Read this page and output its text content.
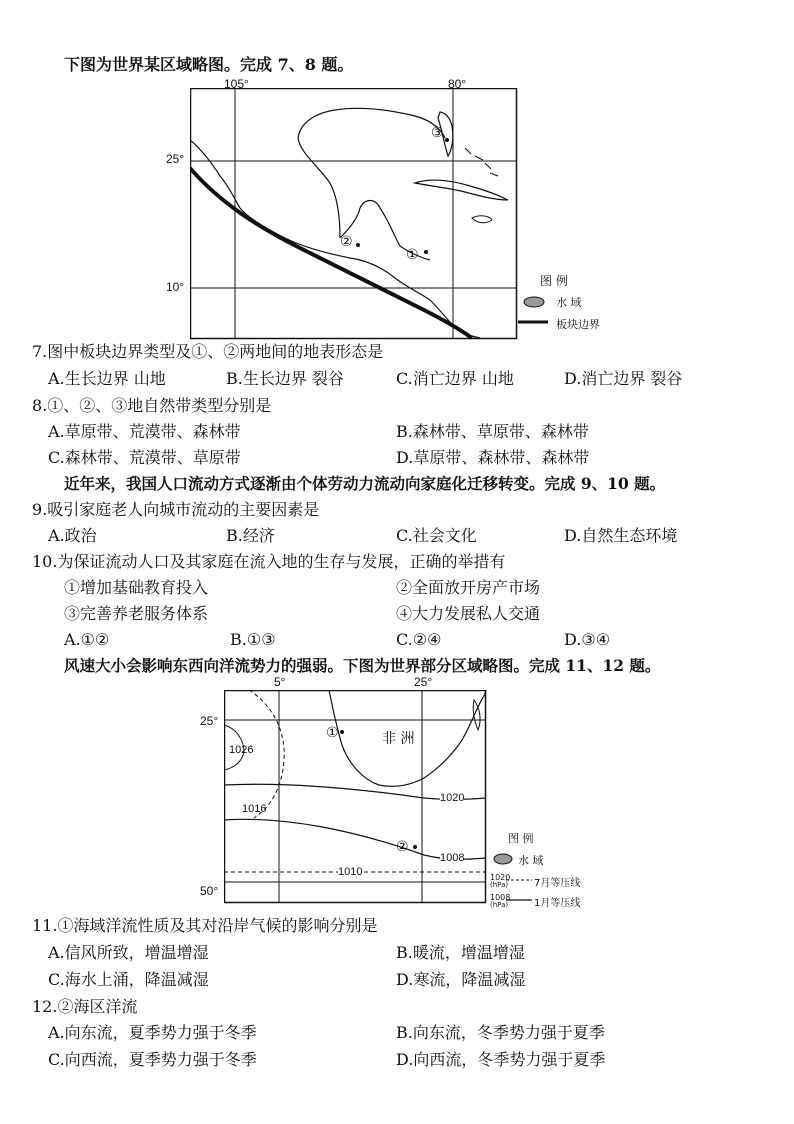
下图为世界某区域略图。完成 7、8 题。
105°	80°
25°
10°
②
①
③
图 例
水 域
板块边界
7.图中板块边界类型及①、②两地间的地表形态是
A.生长边界 山地	B.生长边界 裂谷	C.消亡边界 山地	D.消亡边界 裂谷
8.①、②、③地自然带类型分别是
A.草原带、荒漠带、森林带	B.森林带、草原带、森林带
C.森林带、荒漠带、草原带	D.草原带、森林带、森林带
近年来，我国人口流动方式逐渐由个体劳动力流动向家庭化迁移转变。完成 9、10 题。
9.吸引家庭老人向城市流动的主要因素是
A.政治	B.经济	C.社会文化	D.自然生态环境
10.为保证流动人口及其家庭在流入地的生存与发展，正确的举措有
①增加基础教育投入	②全面放开房产市场
③完善养老服务体系	④大力发展私人交通
A.①②	B.①③	C.②④	D.③④
风速大小会影响东西向洋流势力的强弱。下图为世界部分区域略图。完成 11、12 题。
5°	25°
25°
50°
非 洲
①
②
1026
1016
1020
1008
1010
图 例
水 域
1020
(hPa)	7月等压线
1008
(hPa)	1月等压线
11.①海域洋流性质及其对沿岸气候的影响分别是
A.信风所致，增温增湿	B.暖流，增温增湿
C.海水上涌，降温减湿	D.寒流，降温减湿
12.②海区洋流
A.向东流，夏季势力强于冬季	B.向东流，冬季势力强于夏季
C.向西流，夏季势力强于冬季	D.向西流，冬季势力强于夏季
